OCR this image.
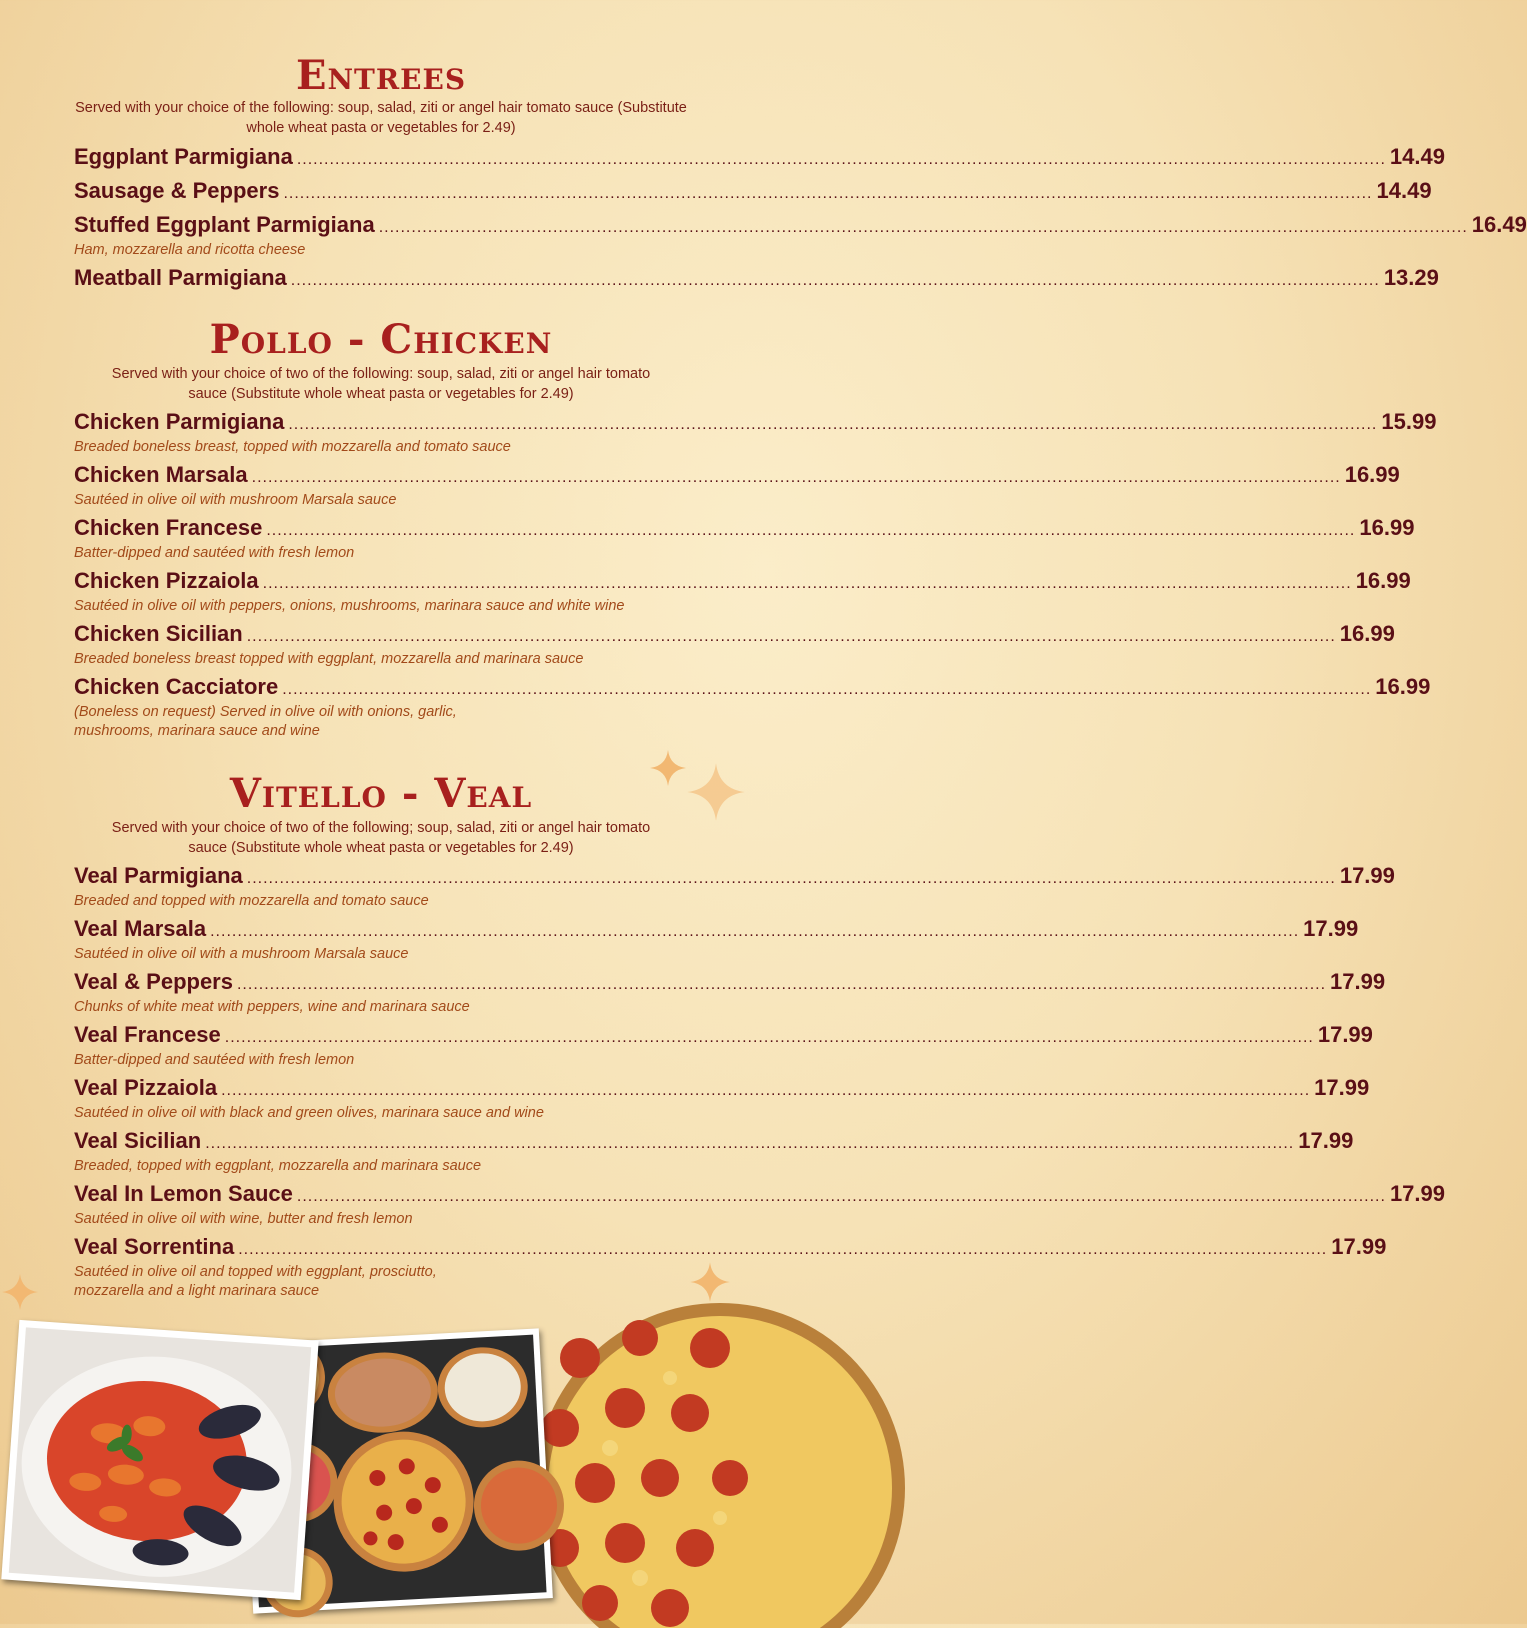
Entrees
Served with your choice of the following: soup, salad, ziti or angel hair tomato sauce (Substitute whole wheat pasta or vegetables for 2.49)
Eggplant Parmigiana ........................................................................................................................................................................................................ 14.49
Sausage & Peppers ........................................................................................................................................................................................................ 14.49
Stuffed Eggplant Parmigiana ........................................................................................................................................................................................................ 16.49
Ham, mozzarella and ricotta cheese
Meatball Parmigiana ........................................................................................................................................................................................................ 13.29
Pollo - Chicken
Served with your choice of two of the following: soup, salad, ziti or angel hair tomato sauce (Substitute whole wheat pasta or vegetables for 2.49)
Chicken Parmigiana ........................................................................................................................................................................................................ 15.99
Breaded boneless breast, topped with mozzarella and tomato sauce
Chicken Marsala ........................................................................................................................................................................................................ 16.99
Sautéed in olive oil with mushroom Marsala sauce
Chicken Francese ........................................................................................................................................................................................................ 16.99
Batter-dipped and sautéed with fresh lemon
Chicken Pizzaiola ........................................................................................................................................................................................................ 16.99
Sautéed in olive oil with peppers, onions, mushrooms, marinara sauce and white wine
Chicken Sicilian ........................................................................................................................................................................................................ 16.99
Breaded boneless breast topped with eggplant, mozzarella and marinara sauce
Chicken Cacciatore ........................................................................................................................................................................................................ 16.99
(Boneless on request) Served in olive oil with onions, garlic, mushrooms, marinara sauce and wine
Vitello - Veal
Served with your choice of two of the following; soup, salad, ziti or angel hair tomato sauce (Substitute whole wheat pasta or vegetables for 2.49)
Veal Parmigiana ........................................................................................................................................................................................................ 17.99
Breaded and topped with mozzarella and tomato sauce
Veal Marsala ........................................................................................................................................................................................................ 17.99
Sautéed in olive oil with a mushroom Marsala sauce
Veal & Peppers ........................................................................................................................................................................................................ 17.99
Chunks of white meat with peppers, wine and marinara sauce
Veal Francese ........................................................................................................................................................................................................ 17.99
Batter-dipped and sautéed with fresh lemon
Veal Pizzaiola ........................................................................................................................................................................................................ 17.99
Sautéed in olive oil with black and green olives, marinara sauce and wine
Veal Sicilian ........................................................................................................................................................................................................ 17.99
Breaded, topped with eggplant, mozzarella and marinara sauce
Veal In Lemon Sauce ........................................................................................................................................................................................................ 17.99
Sautéed in olive oil with wine, butter and fresh lemon
Veal Sorrentina ........................................................................................................................................................................................................ 17.99
Sautéed in olive oil and topped with eggplant, prosciutto, mozzarella and a light marinara sauce
